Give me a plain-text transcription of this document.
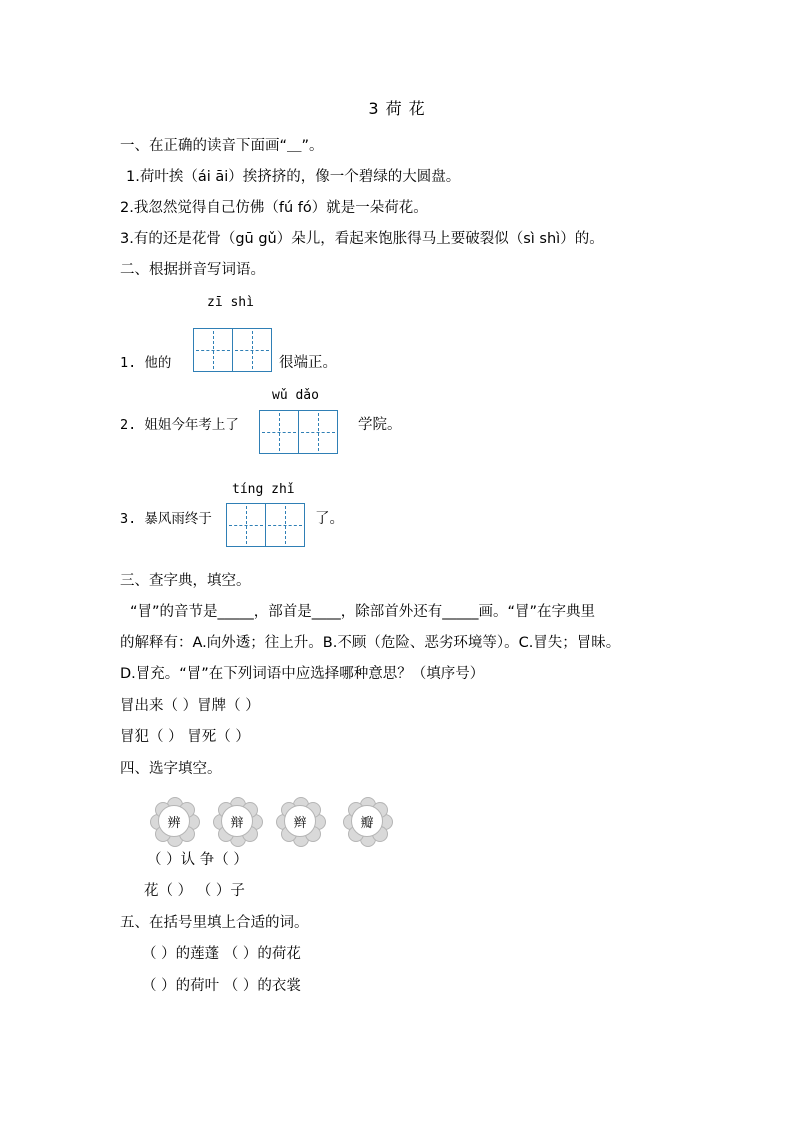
3 荷 花
一、在正确的读音下面画“＿”。
1.荷叶挨（ái āi）挨挤挤的，像一个碧绿的大圆盘。
2.我忽然觉得自己仿佛（fú fó）就是一朵荷花。
3.有的还是花骨（gū gǔ）朵儿，看起来饱胀得马上要破裂似（sì shì）的。
二、根据拼音写词语。
zī shì
1. 他的	很端正。
wǔ dǎo
2. 姐姐今年考上了	学院。
tíng zhǐ
3. 暴风雨终于	了。
三、查字典，填空。
“冒”的音节是_____，部首是____，除部首外还有_____画。“冒”在字典里
的解释有：A.向外透；往上升。B.不顾（危险、恶劣环境等）。C.冒失；冒昧。
D.冒充。“冒”在下列词语中应选择哪种意思？（填序号）
冒出来（ ）冒牌（ ）
冒犯（ ） 冒死（ ）
四、选字填空。
辨	辩	辫	瓣
（ ）认 争（ ）
花（ ） （ ）子
五、在括号里填上合适的词。
（ ）的莲蓬 （ ）的荷花
（ ）的荷叶 （ ）的衣裳
